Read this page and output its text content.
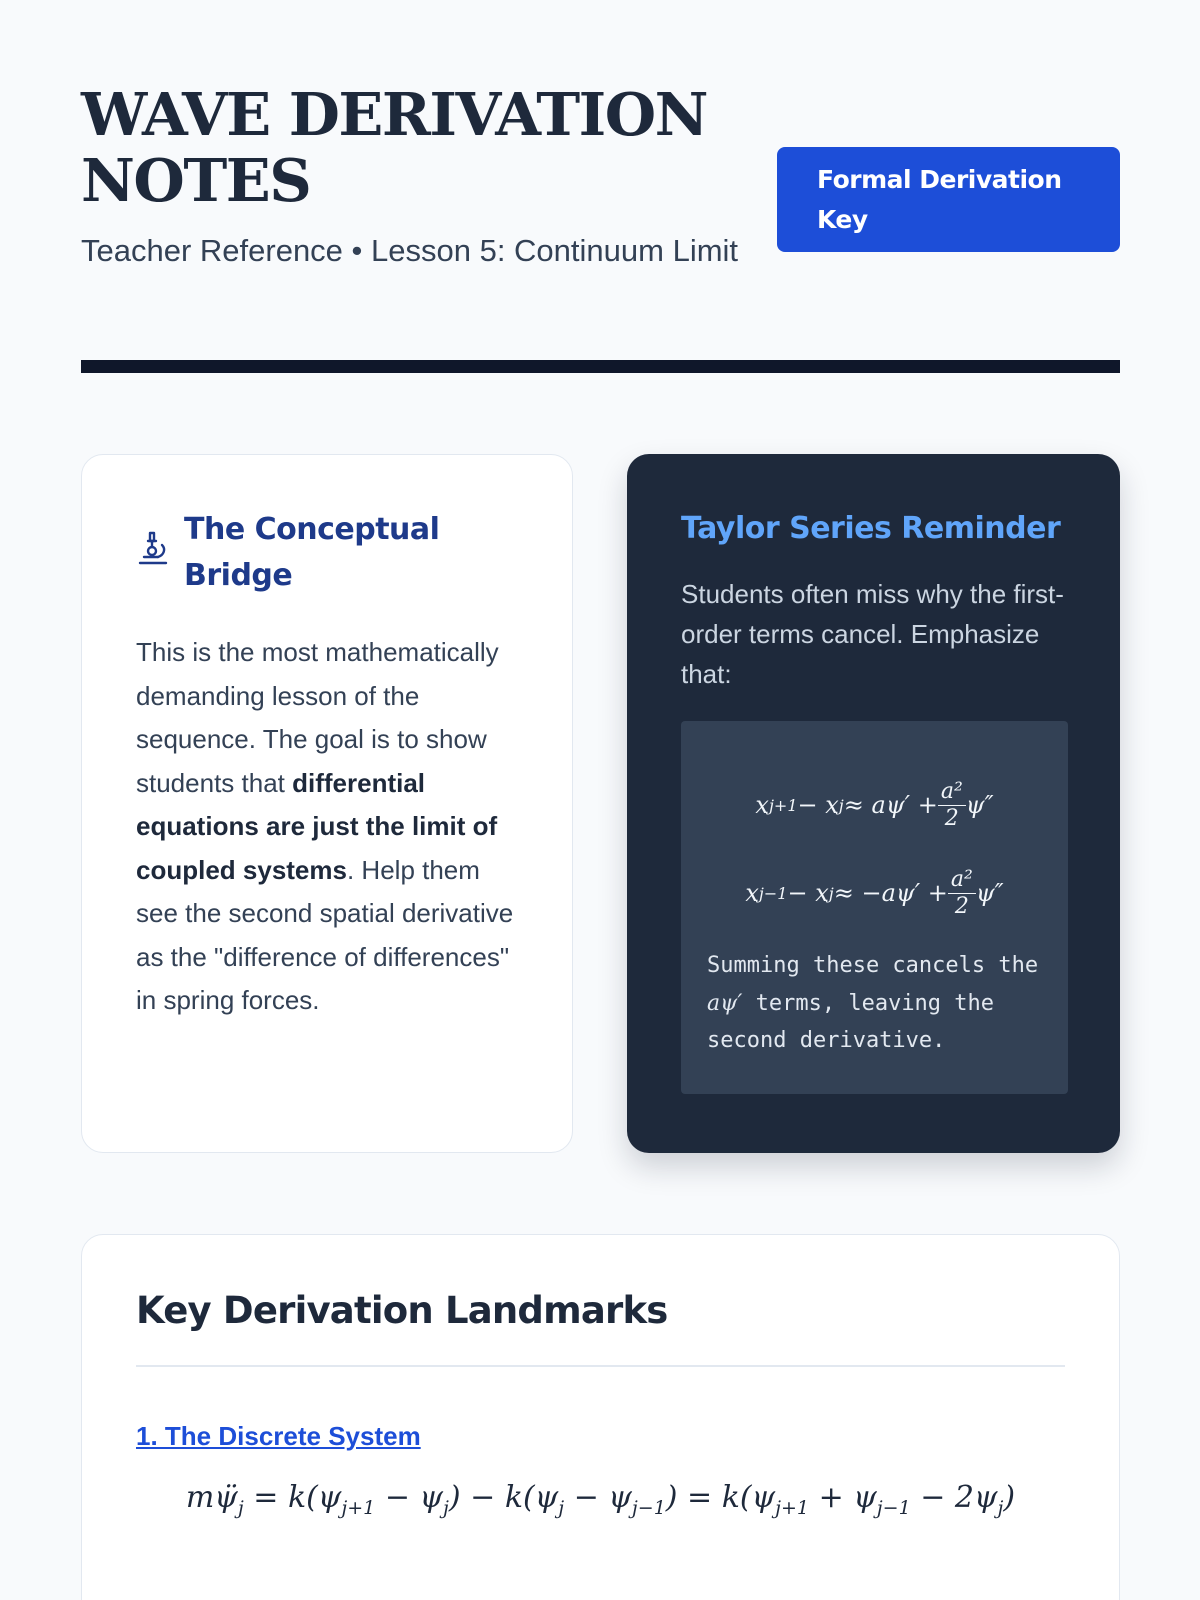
WAVE DERIVATION NOTES

Teacher Reference • Lesson 5: Continuum Limit

Formal Derivation Key
The Conceptual Bridge

This is the most mathematically demanding lesson of the sequence. The goal is to show students that differential equations are just the limit of coupled systems. Help them see the second spatial derivative as the "difference of differences" in spring forces.

Taylor Series Reminder

Students often miss why the first-order terms cancel. Emphasize that:

x j+1 − x $j \approx a\psi' + \frac{\text{a²}}{2} \psi''$
x j−1 − x $j \approx -a\psi' + \frac{\text{a²}}{2} \psi''$

Summing these cancels the aψ′ terms, leaving the second derivative.

Key Derivation Landmarks
1. The Discrete System
$m\psï_j = k(\psi_{j+1} - \psi_j) - k(\psi_j - \psi_{j-1}) = k(\psi_{j+1} + \psi_{j-1} - 2\psi_j)$
